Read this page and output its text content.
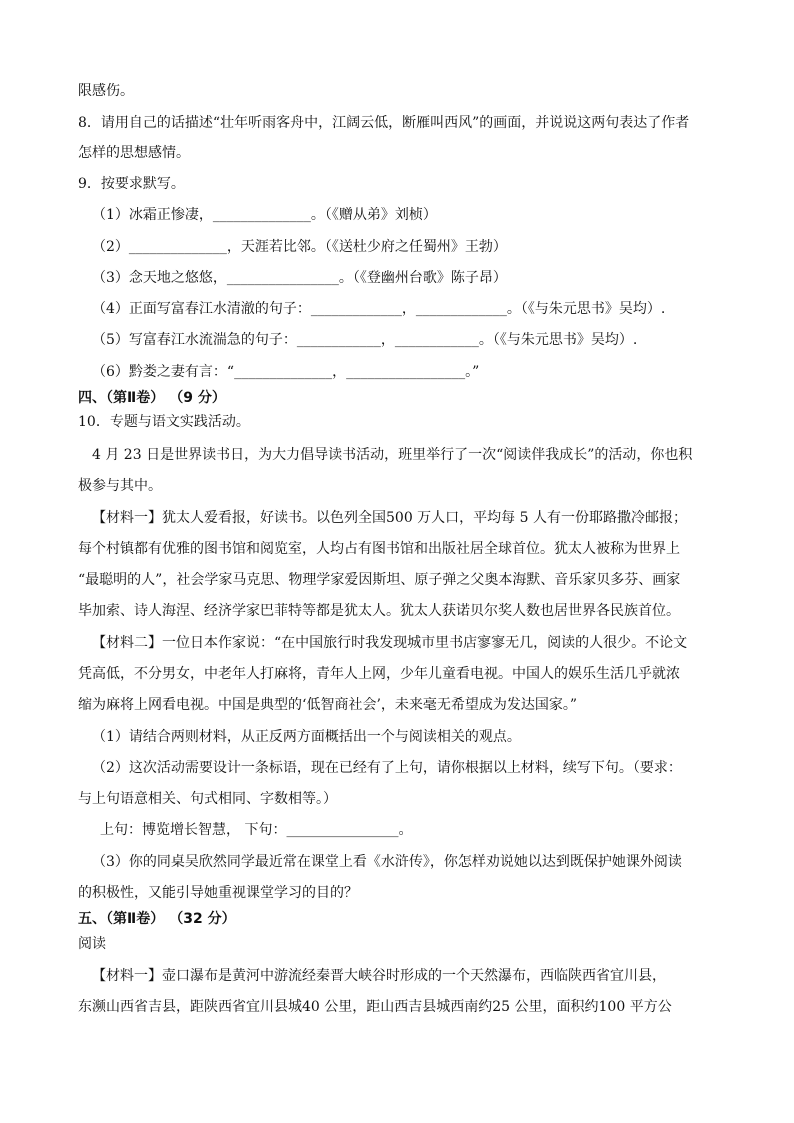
限感伤。
8．请用自己的话描述“壮年听雨客舟中，江阔云低，断雁叫西风”的画面，并说说这两句表达了作者
怎样的思想感情。
9．按要求默写。
（1）冰霜正惨凄，______________。（《赠从弟》刘桢）
（2）______________，天涯若比邻。（《送杜少府之任蜀州》王勃）
（3）念天地之悠悠，________________。（《登幽州台歌》陈子昂）
（4）正面写富春江水清澈的句子：_____________，_____________。（《与朱元思书》吴均）.
（5）写富春江水流湍急的句子：____________，____________。（《与朱元思书》吴均）.
（6）黔娄之妻有言：“______________，_________________。”
四、（第Ⅱ卷） （9 分）
10．专题与语文实践活动。
4 月 23 日是世界读书日，为大力倡导读书活动，班里举行了一次“阅读伴我成长”的活动，你也积
极参与其中。
【材料一】犹太人爱看报，好读书。以色列全国500 万人口，平均每 5 人有一份耶路撒冷邮报；
每个村镇都有优雅的图书馆和阅览室，人均占有图书馆和出版社居全球首位。犹太人被称为世界上
“最聪明的人”，社会学家马克思、物理学家爱因斯坦、原子弹之父奥本海默、音乐家贝多芬、画家
毕加索、诗人海涅、经济学家巴菲特等都是犹太人。犹太人获诺贝尔奖人数也居世界各民族首位。
【材料二】一位日本作家说：“在中国旅行时我发现城市里书店寥寥无几，阅读的人很少。不论文
凭高低，不分男女，中老年人打麻将，青年人上网，少年儿童看电视。中国人的娱乐生活几乎就浓
缩为麻将上网看电视。中国是典型的‘低智商社会’，未来毫无希望成为发达国家。”
（1）请结合两则材料，从正反两方面概括出一个与阅读相关的观点。
（2）这次活动需要设计一条标语，现在已经有了上句，请你根据以上材料，续写下句。（要求：
与上句语意相关、句式相同、字数相等。）
上句：博览增长智慧， 下句：________________。
（3）你的同桌吴欣然同学最近常在课堂上看《水浒传》，你怎样劝说她以达到既保护她课外阅读
的积极性，又能引导她重视课堂学习的目的？
五、（第Ⅱ卷） （32 分）
阅读
【材料一】壶口瀑布是黄河中游流经秦晋大峡谷时形成的一个天然瀑布，西临陕西省宜川县，
东濒山西省吉县，距陕西省宜川县城40 公里，距山西吉县城西南约25 公里，面积约100 平方公
